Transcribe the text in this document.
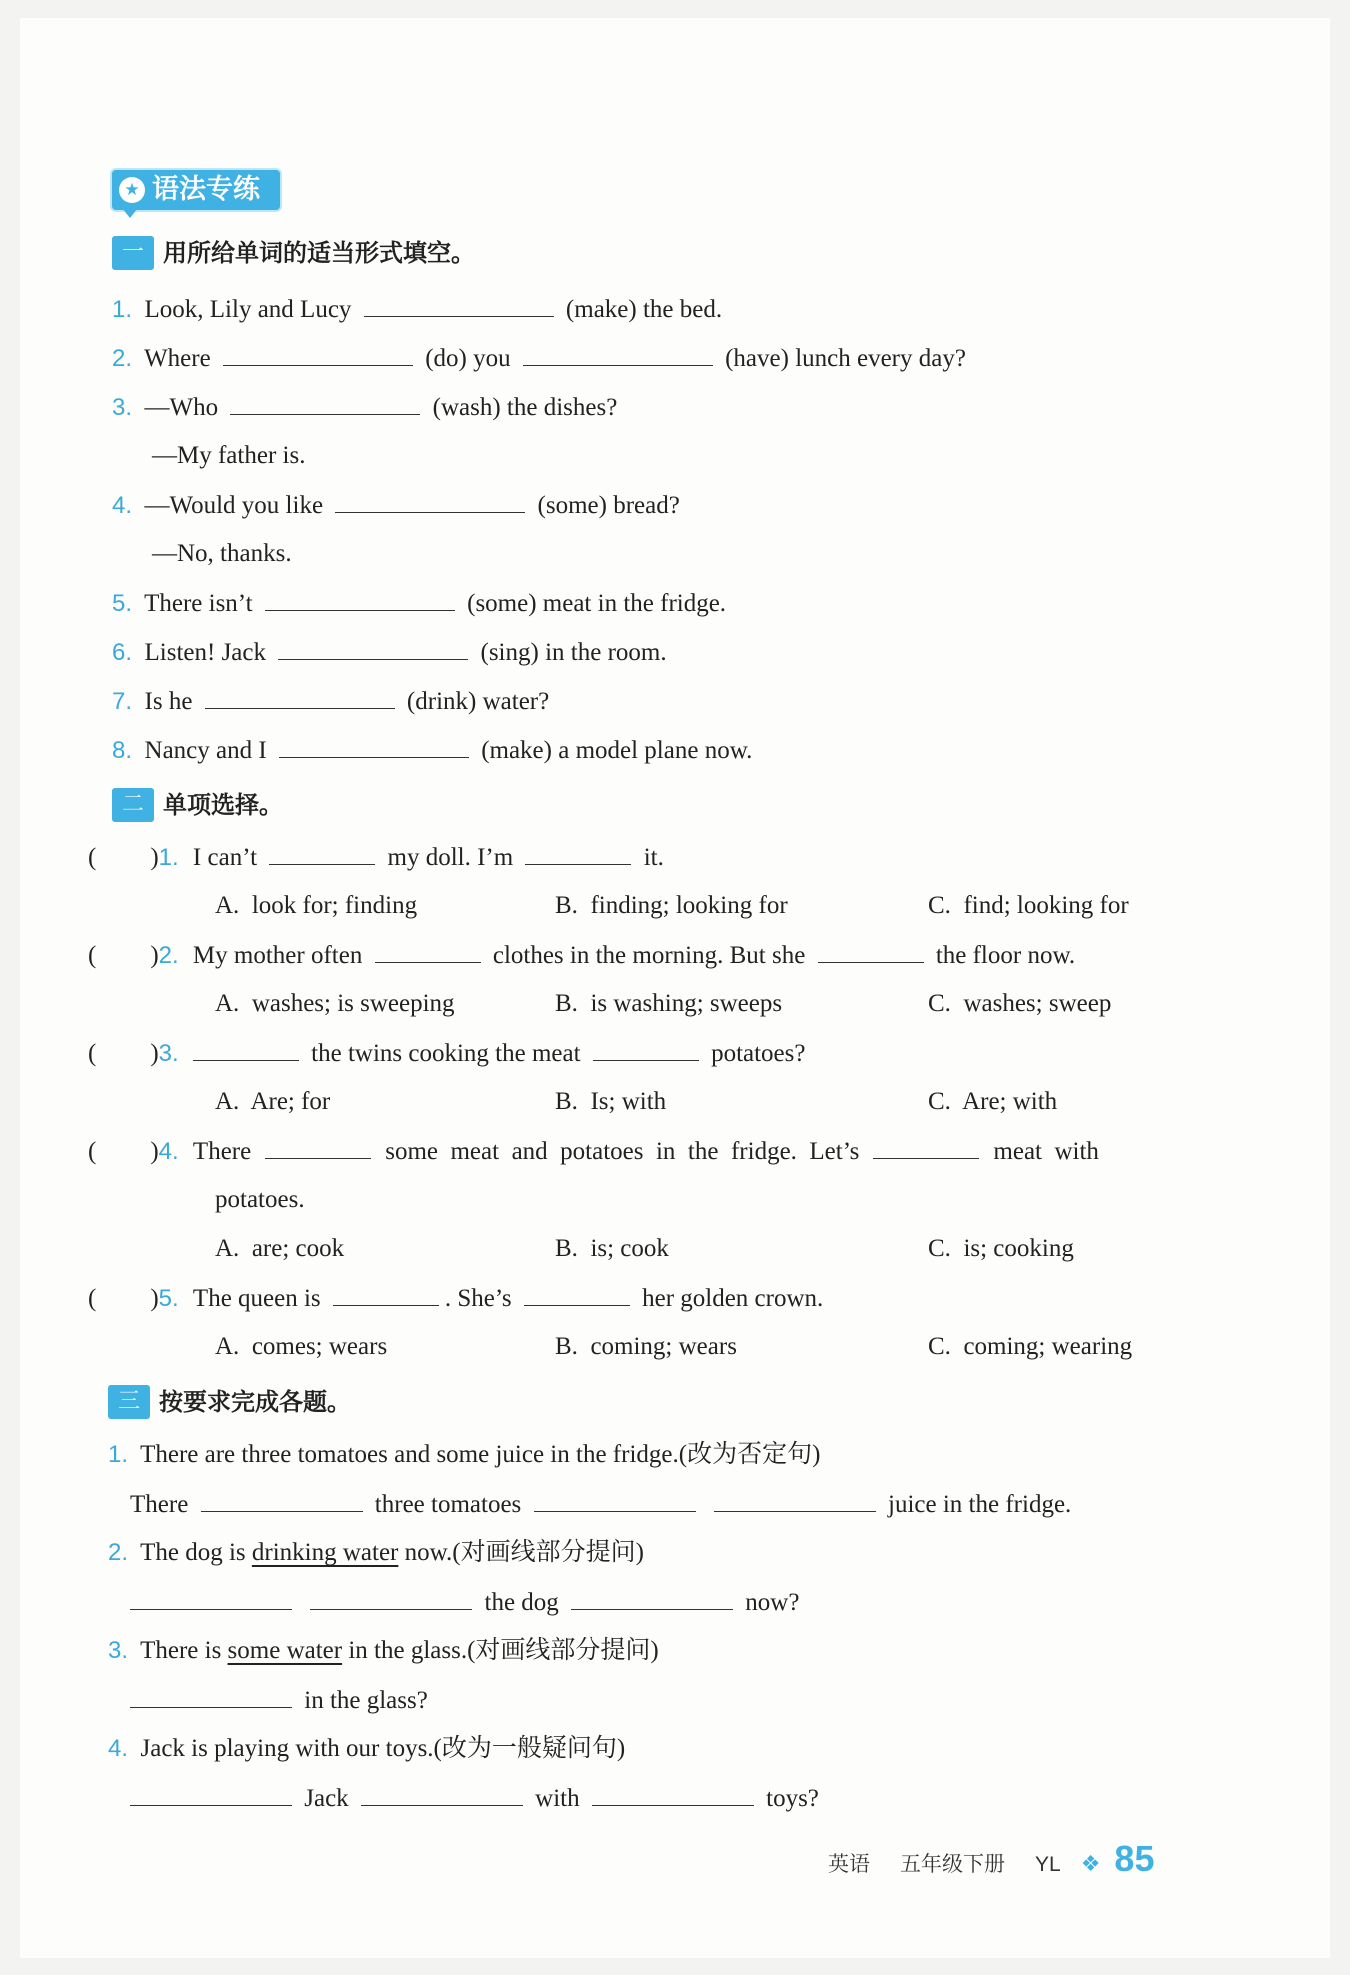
★ 语法专练
一 用所给单词的适当形式填空。
1. Look, Lily and Lucy	(make) the bed.
2. Where	(do) you	(have) lunch every day?
3. —Who	(wash) the dishes?
—My father is.
4. —Would you like	(some) bread?
—No, thanks.
5. There isn’t	(some) meat in the fridge.
6. Listen! Jack	(sing) in the room.
7. Is he	(drink) water?
8. Nancy and I	(make) a model plane now.
二 单项选择。
( )1. I can’t	my doll. I’m	it.
A. look for; finding	B. finding; looking for	C. find; looking for
( )2. My mother often	clothes in the morning. But she	the floor now.
A. washes; is sweeping	B. is washing; sweeps	C. washes; sweep
( )3.	the twins cooking the meat	potatoes?
A. Are; for	B. Is; with	C. Are; with
( )4. There	some  meat  and  potatoes  in  the  fridge.  Let’s	meat  with
potatoes.
A. are; cook	B. is; cook	C. is; cooking
( )5. The queen is	. She’s	her golden crown.
A. comes; wears	B. coming; wears	C. coming; wearing
三 按要求完成各题。
1. There are three tomatoes and some juice in the fridge.(改为否定句)
There	three tomatoes	juice in the fridge.
2. The dog is drinking water now.(对画线部分提问)
the dog	now?
3. There is some water in the glass.(对画线部分提问)
in the glass?
4. Jack is playing with our toys.(改为一般疑问句)
Jack	with	toys?
英语 五年级下册 YL ❖ 85
